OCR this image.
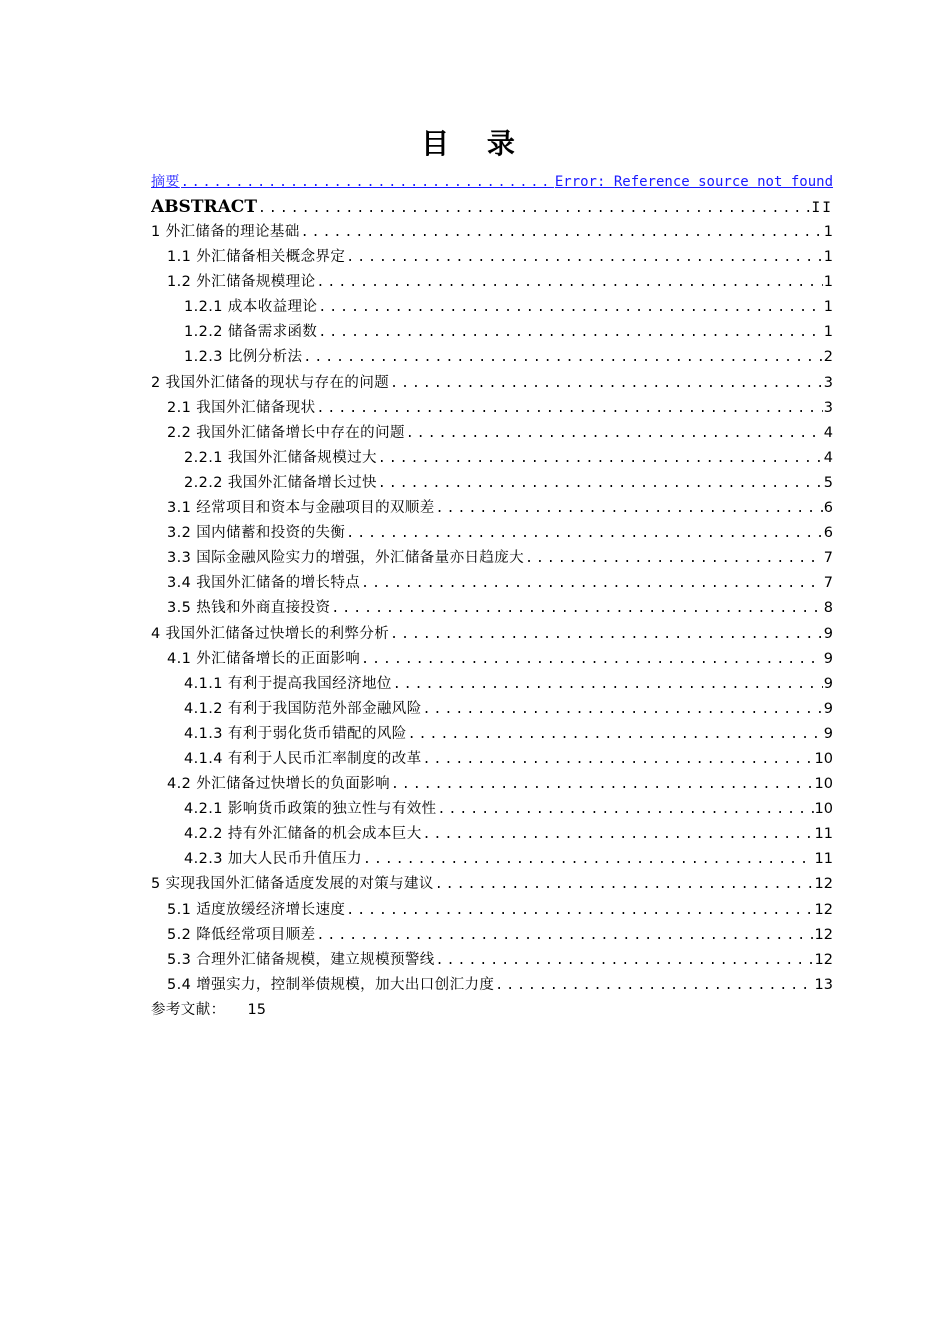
目 录
摘要 .....	Error: Reference source not found
ABSTRACT .....	II
1 外汇储备的理论基础 .....	1
1.1 外汇储备相关概念界定 .....	1
1.2 外汇储备规模理论 .....	1
1.2.1 成本收益理论 .....	1
1.2.2 储备需求函数 .....	1
1.2.3 比例分析法 .....	2
2 我国外汇储备的现状与存在的问题 .....	3
2.1 我国外汇储备现状 .....	3
2.2 我国外汇储备增长中存在的问题 .....	4
2.2.1 我国外汇储备规模过大 .....	4
2.2.2 我国外汇储备增长过快 .....	5
3.1 经常项目和资本与金融项目的双顺差 .....	6
3.2 国内储蓄和投资的失衡 .....	6
3.3 国际金融风险实力的增强，外汇储备量亦日趋庞大 .....	7
3.4 我国外汇储备的增长特点 .....	7
3.5 热钱和外商直接投资 .....	8
4 我国外汇储备过快增长的利弊分析 .....	9
4.1 外汇储备增长的正面影响 .....	9
4.1.1 有利于提高我国经济地位 .....	9
4.1.2 有利于我国防范外部金融风险 .....	9
4.1.3 有利于弱化货币错配的风险 .....	9
4.1.4 有利于人民币汇率制度的改革 .....	10
4.2 外汇储备过快增长的负面影响 .....	10
4.2.1 影响货币政策的独立性与有效性 .....	10
4.2.2 持有外汇储备的机会成本巨大 .....	11
4.2.3 加大人民币升值压力 .....	11
5 实现我国外汇储备适度发展的对策与建议 .....	12
5.1 适度放缓经济增长速度 .....	12
5.2 降低经常项目顺差 .....	12
5.3 合理外汇储备规模，建立规模预警线 .....	12
5.4 增强实力，控制举债规模，加大出口创汇力度 .....	13
参考文献： 15
